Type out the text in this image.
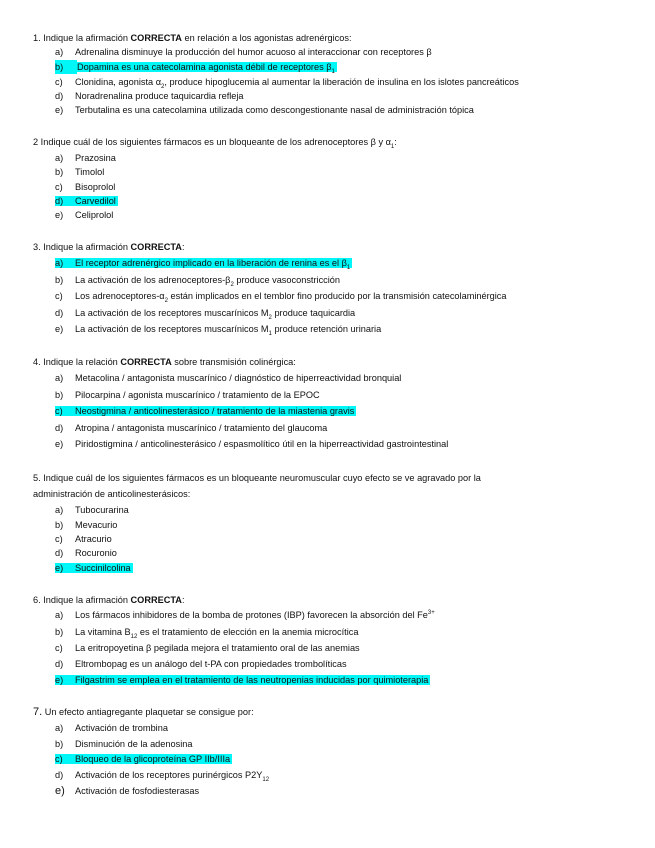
1. Indique la afirmación CORRECTA en relación a los agonistas adrenérgicos:
a) Adrenalina disminuye la producción del humor acuoso al interaccionar con receptores β
b) Dopamina es una catecolamina agonista débil de receptores $\beta_1$
c) Clonidina, agonista $\alpha_2$, produce hipoglucemia al aumentar la liberación de insulina en los islotes pancreáticos
d) Noradrenalina produce taquicardia refleja
e) Terbutalina es una catecolamina utilizada como descongestionante nasal de administración tópica
2 Indique cuál de los siguientes fármacos es un bloqueante de los adrenoceptores β y $\alpha_1$:
a) Prazosina
b) Timolol
c) Bisoprolol
d) Carvedilol
e) Celiprolol
3. Indique la afirmación CORRECTA:
a) El receptor adrenérgico implicado en la liberación de renina es el $\beta_1$
b) La activación de los adrenoceptores-$\beta_2$ produce vasoconstricción
c) Los adrenoceptores-$\alpha_2$ están implicados en el temblor fino producido por la transmisión catecolaminérgica
d) La activación de los receptores muscarínicos $M_2$ produce taquicardia
e) La activación de los receptores muscarínicos $M_1$ produce retención urinaria
4. Indique la relación CORRECTA sobre transmisión colinérgica:
a) Metacolina / antagonista muscarínico / diagnóstico de hiperreactividad bronquial
b) Pilocarpina / agonista muscarínico / tratamiento de la EPOC
c) Neostigmina / anticolinesterásico / tratamiento de la miastenia gravis
d) Atropina / antagonista muscarínico / tratamiento del glaucoma
e) Piridostigmina / anticolinesterásico / espasmolítico útil en la hiperreactividad gastrointestinal
5. Indique cuál de los siguientes fármacos es un bloqueante neuromuscular cuyo efecto se ve agravado por la
administración de anticolinesterásicos:
a) Tubocurarina
b) Mevacurio
c) Atracurio
d) Rocuronio
e) Succinilcolina
6. Indique la afirmación CORRECTA:
a) Los fármacos inhibidores de la bomba de protones (IBP) favorecen la absorción del $Fe^{3+}$
b) La vitamina $B_{12}$ es el tratamiento de elección en la anemia microcítica
c) La eritropoyetina β pegilada mejora el tratamiento oral de las anemias
d) Eltrombopag es un análogo del t-PA con propiedades trombolíticas
e) Filgastrim se emplea en el tratamiento de las neutropenias inducidas por quimioterapia
7. Un efecto antiagregante plaquetar se consigue por:
a) Activación de trombina
b) Disminución de la adenosina
c) Bloqueo de la glicoproteína GP IIb/IIIa
d) Activación de los receptores purinérgicos $P2Y_{12}$
e) Activación de fosfodiesterasas
